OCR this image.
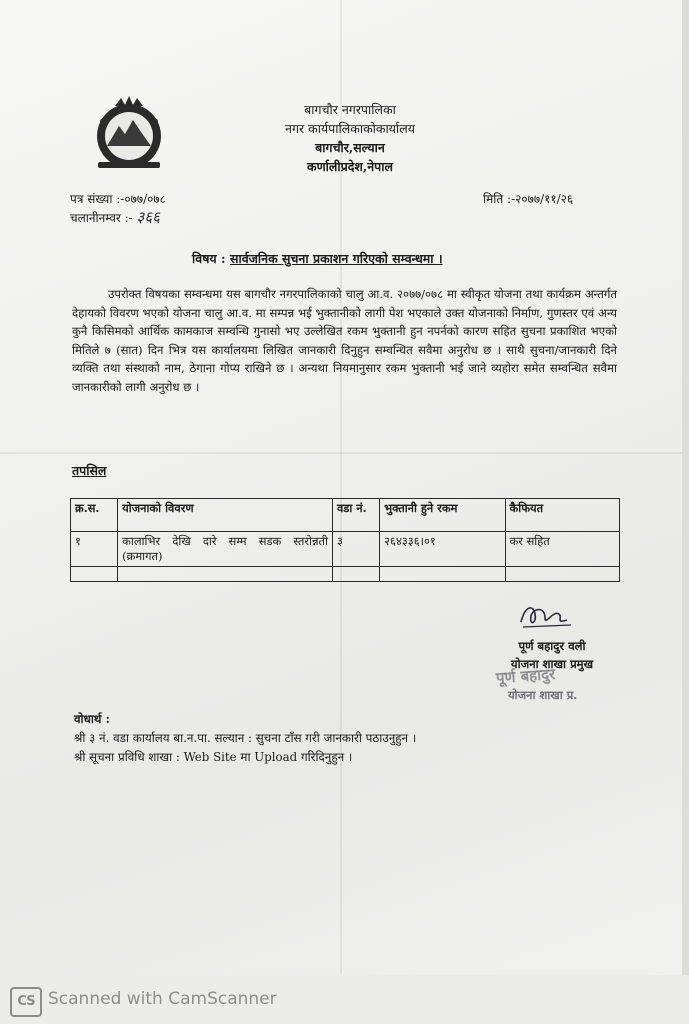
बागचौर नगरपालिका
नगर कार्यपालिकाकोकार्यालय
बागचौर,सल्यान
कर्णालीप्रदेश,नेपाल
पत्र संख्या :-०७७/०७८
चलानीनम्वर :- ३६६
मिति :-२०७७/११/२६
विषय : सार्वजनिक सुचना प्रकाशन गरिएको सम्वन्धमा ।

उपरोक्त विषयका सम्वन्धमा यस बागचौर नगरपालिकाको चालु आ.व. २०७७/०७८ मा स्वीकृत योजना तथा कार्यक्रम अन्तर्गत देहायको विवरण भएको योजना चालु आ.व. मा सम्पन्न भई भुक्तानीको लागी पेश भएकाले उक्त योजनाको निर्माण, गुणस्तर एवं अन्य कुनै किसिमको आर्थिक कामकाज सम्वन्धि गुनासो भए उल्लेखित रकम भुक्तानी हुन नपर्नको कारण सहित सुचना प्रकाशित भएको मितिले ७ (सात) दिन भित्र यस कार्यालयमा लिखित जानकारी दिनुहुन सम्वन्धित सवैमा अनुरोध छ । साथै सुचना/जानकारी दिने व्यक्ति तथा संस्थाको नाम, ठेगाना गोप्य राखिने छ । अन्यथा नियमानुसार रकम भुक्तानी भई जाने व्यहोरा समेत सम्वन्धित सवैमा जानकारीको लागी अनुरोध छ ।

तपसिल
क्र.स.	योजनाको विवरण	वडा नं.	भुक्तानी हुने रकम	कैफियत
१	कालाभिर देखि दारे सम्म सडक स्तरोन्नती (क्रमागत)	३	२६४३३६।०१	कर सहित

पूर्ण बहादुर वली
योजना शाखा प्रमुख
पूर्ण बहादुर
योजना शाखा प्र.
वोधार्थ :
श्री ३ नं. वडा कार्यालय बा.न.पा. सल्यान : सुचना टाँस गरी जानकारी पठाउनुहुन ।
श्री सूचना प्रविधि शाखा : Web Site मा Upload गरिदिनुहुन ।
CS Scanned with CamScanner
